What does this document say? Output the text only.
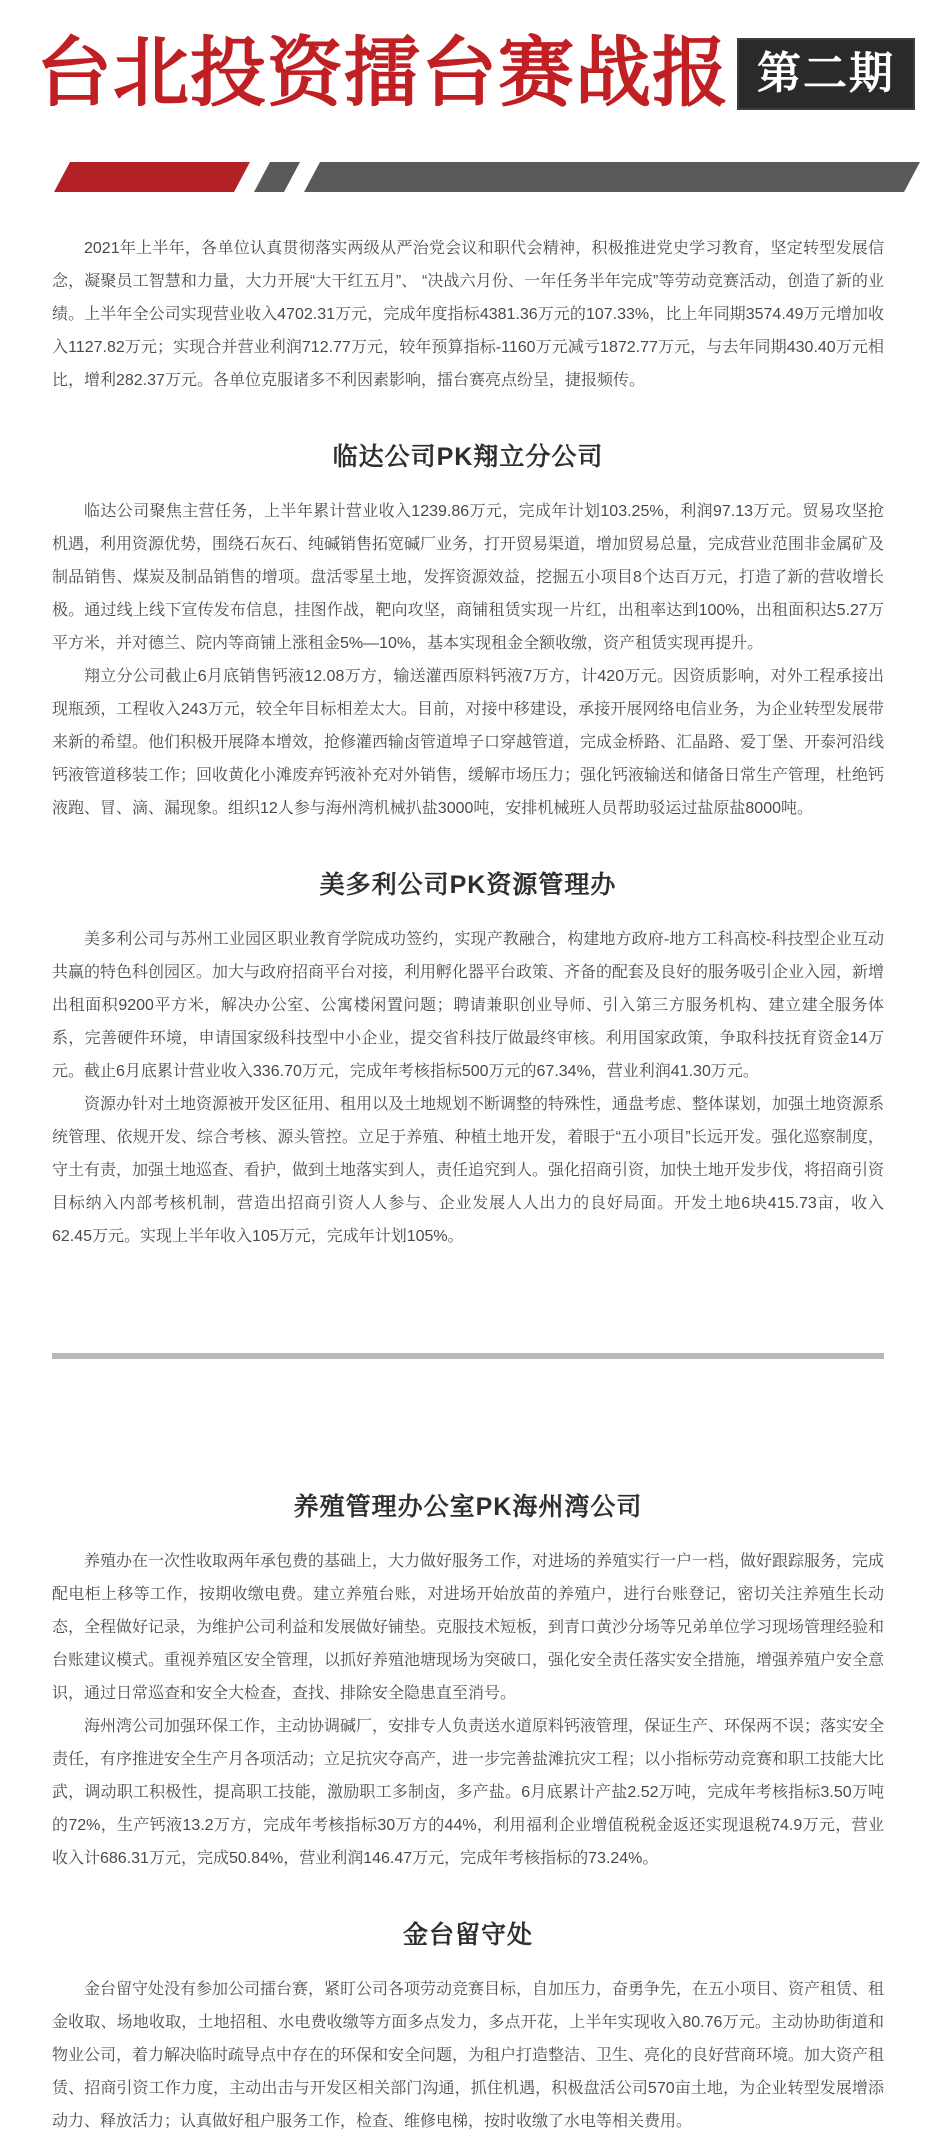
台北投资擂台赛战报 第二期

2021年上半年，各单位认真贯彻落实两级从严治党会议和职代会精神，积极推进党史学习教育，坚定转型发展信念，凝聚员工智慧和力量，大力开展“大干红五月”、 “决战六月份、一年任务半年完成”等劳动竞赛活动，创造了新的业绩。上半年全公司实现营业收入4702.31万元，完成年度指标4381.36万元的107.33%，比上年同期3574.49万元增加收入1127.82万元；实现合并营业利润712.77万元，较年预算指标-1160万元减亏1872.77万元，与去年同期430.40万元相比，增利282.37万元。各单位克服诸多不利因素影响，擂台赛亮点纷呈，捷报频传。

临达公司PK翔立分公司

临达公司聚焦主营任务，上半年累计营业收入1239.86万元，完成年计划103.25%，利润97.13万元。贸易攻坚抢机遇，利用资源优势，围绕石灰石、纯碱销售拓宽碱厂业务，打开贸易渠道，增加贸易总量，完成营业范围非金属矿及制品销售、煤炭及制品销售的增项。盘活零星土地，发挥资源效益，挖掘五小项目8个达百万元，打造了新的营收增长极。通过线上线下宣传发布信息，挂图作战，靶向攻坚，商铺租赁实现一片红，出租率达到100%，出租面积达5.27万平方米，并对德兰、院内等商铺上涨租金5%—10%，基本实现租金全额收缴，资产租赁实现再提升。

翔立分公司截止6月底销售钙液12.08万方，输送灌西原料钙液7万方，计420万元。因资质影响，对外工程承接出现瓶颈，工程收入243万元，较全年目标相差太大。目前，对接中移建设，承接开展网络电信业务，为企业转型发展带来新的希望。他们积极开展降本增效，抢修灌西输卤管道埠子口穿越管道，完成金桥路、汇晶路、爱丁堡、开泰河沿线钙液管道移装工作；回收黄化小滩废弃钙液补充对外销售，缓解市场压力；强化钙液输送和储备日常生产管理，杜绝钙液跑、冒、滴、漏现象。组织12人参与海州湾机械扒盐3000吨，安排机械班人员帮助驳运过盐原盐8000吨。

美多利公司PK资源管理办

美多利公司与苏州工业园区职业教育学院成功签约，实现产教融合，构建地方政府-地方工科高校-科技型企业互动共赢的特色科创园区。加大与政府招商平台对接，利用孵化器平台政策、齐备的配套及良好的服务吸引企业入园，新增出租面积9200平方米，解决办公室、公寓楼闲置问题；聘请兼职创业导师、引入第三方服务机构、建立建全服务体系，完善硬件环境，申请国家级科技型中小企业，提交省科技厅做最终审核。利用国家政策，争取科技抚育资金14万元。截止6月底累计营业收入336.70万元，完成年考核指标500万元的67.34%，营业利润41.30万元。

资源办针对土地资源被开发区征用、租用以及土地规划不断调整的特殊性，通盘考虑、整体谋划，加强土地资源系统管理、依规开发、综合考核、源头管控。立足于养殖、种植土地开发，着眼于“五小项目”长远开发。强化巡察制度，守土有责，加强土地巡查、看护，做到土地落实到人，责任追究到人。强化招商引资，加快土地开发步伐，将招商引资目标纳入内部考核机制，营造出招商引资人人参与、企业发展人人出力的良好局面。开发土地6块415.73亩，收入62.45万元。实现上半年收入105万元，完成年计划105%。

养殖管理办公室PK海州湾公司

养殖办在一次性收取两年承包费的基础上，大力做好服务工作，对进场的养殖实行一户一档，做好跟踪服务，完成配电柜上移等工作，按期收缴电费。建立养殖台账，对进场开始放苗的养殖户，进行台账登记，密切关注养殖生长动态，全程做好记录，为维护公司利益和发展做好铺垫。克服技术短板，到青口黄沙分场等兄弟单位学习现场管理经验和台账建议模式。重视养殖区安全管理，以抓好养殖池塘现场为突破口，强化安全责任落实安全措施，增强养殖户安全意识，通过日常巡查和安全大检查，查找、排除安全隐患直至消号。

海州湾公司加强环保工作，主动协调碱厂，安排专人负责送水道原料钙液管理，保证生产、环保两不误；落实安全责任，有序推进安全生产月各项活动；立足抗灾夺高产，进一步完善盐滩抗灾工程；以小指标劳动竞赛和职工技能大比武，调动职工积极性，提高职工技能，激励职工多制卤，多产盐。6月底累计产盐2.52万吨，完成年考核指标3.50万吨的72%，生产钙液13.2万方，完成年考核指标30万方的44%，利用福利企业增值税税金返还实现退税74.9万元，营业收入计686.31万元，完成50.84%，营业利润146.47万元，完成年考核指标的73.24%。

金台留守处

金台留守处没有参加公司擂台赛，紧盯公司各项劳动竞赛目标，自加压力，奋勇争先，在五小项目、资产租赁、租金收取、场地收取，土地招租、水电费收缴等方面多点发力，多点开花，上半年实现收入80.76万元。主动协助街道和物业公司，着力解决临时疏导点中存在的环保和安全问题，为租户打造整洁、卫生、亮化的良好营商环境。加大资产租赁、招商引资工作力度，主动出击与开发区相关部门沟通，抓住机遇，积极盘活公司570亩土地，为企业转型发展增添动力、释放活力；认真做好租户服务工作，检查、维修电梯，按时收缴了水电等相关费用。
